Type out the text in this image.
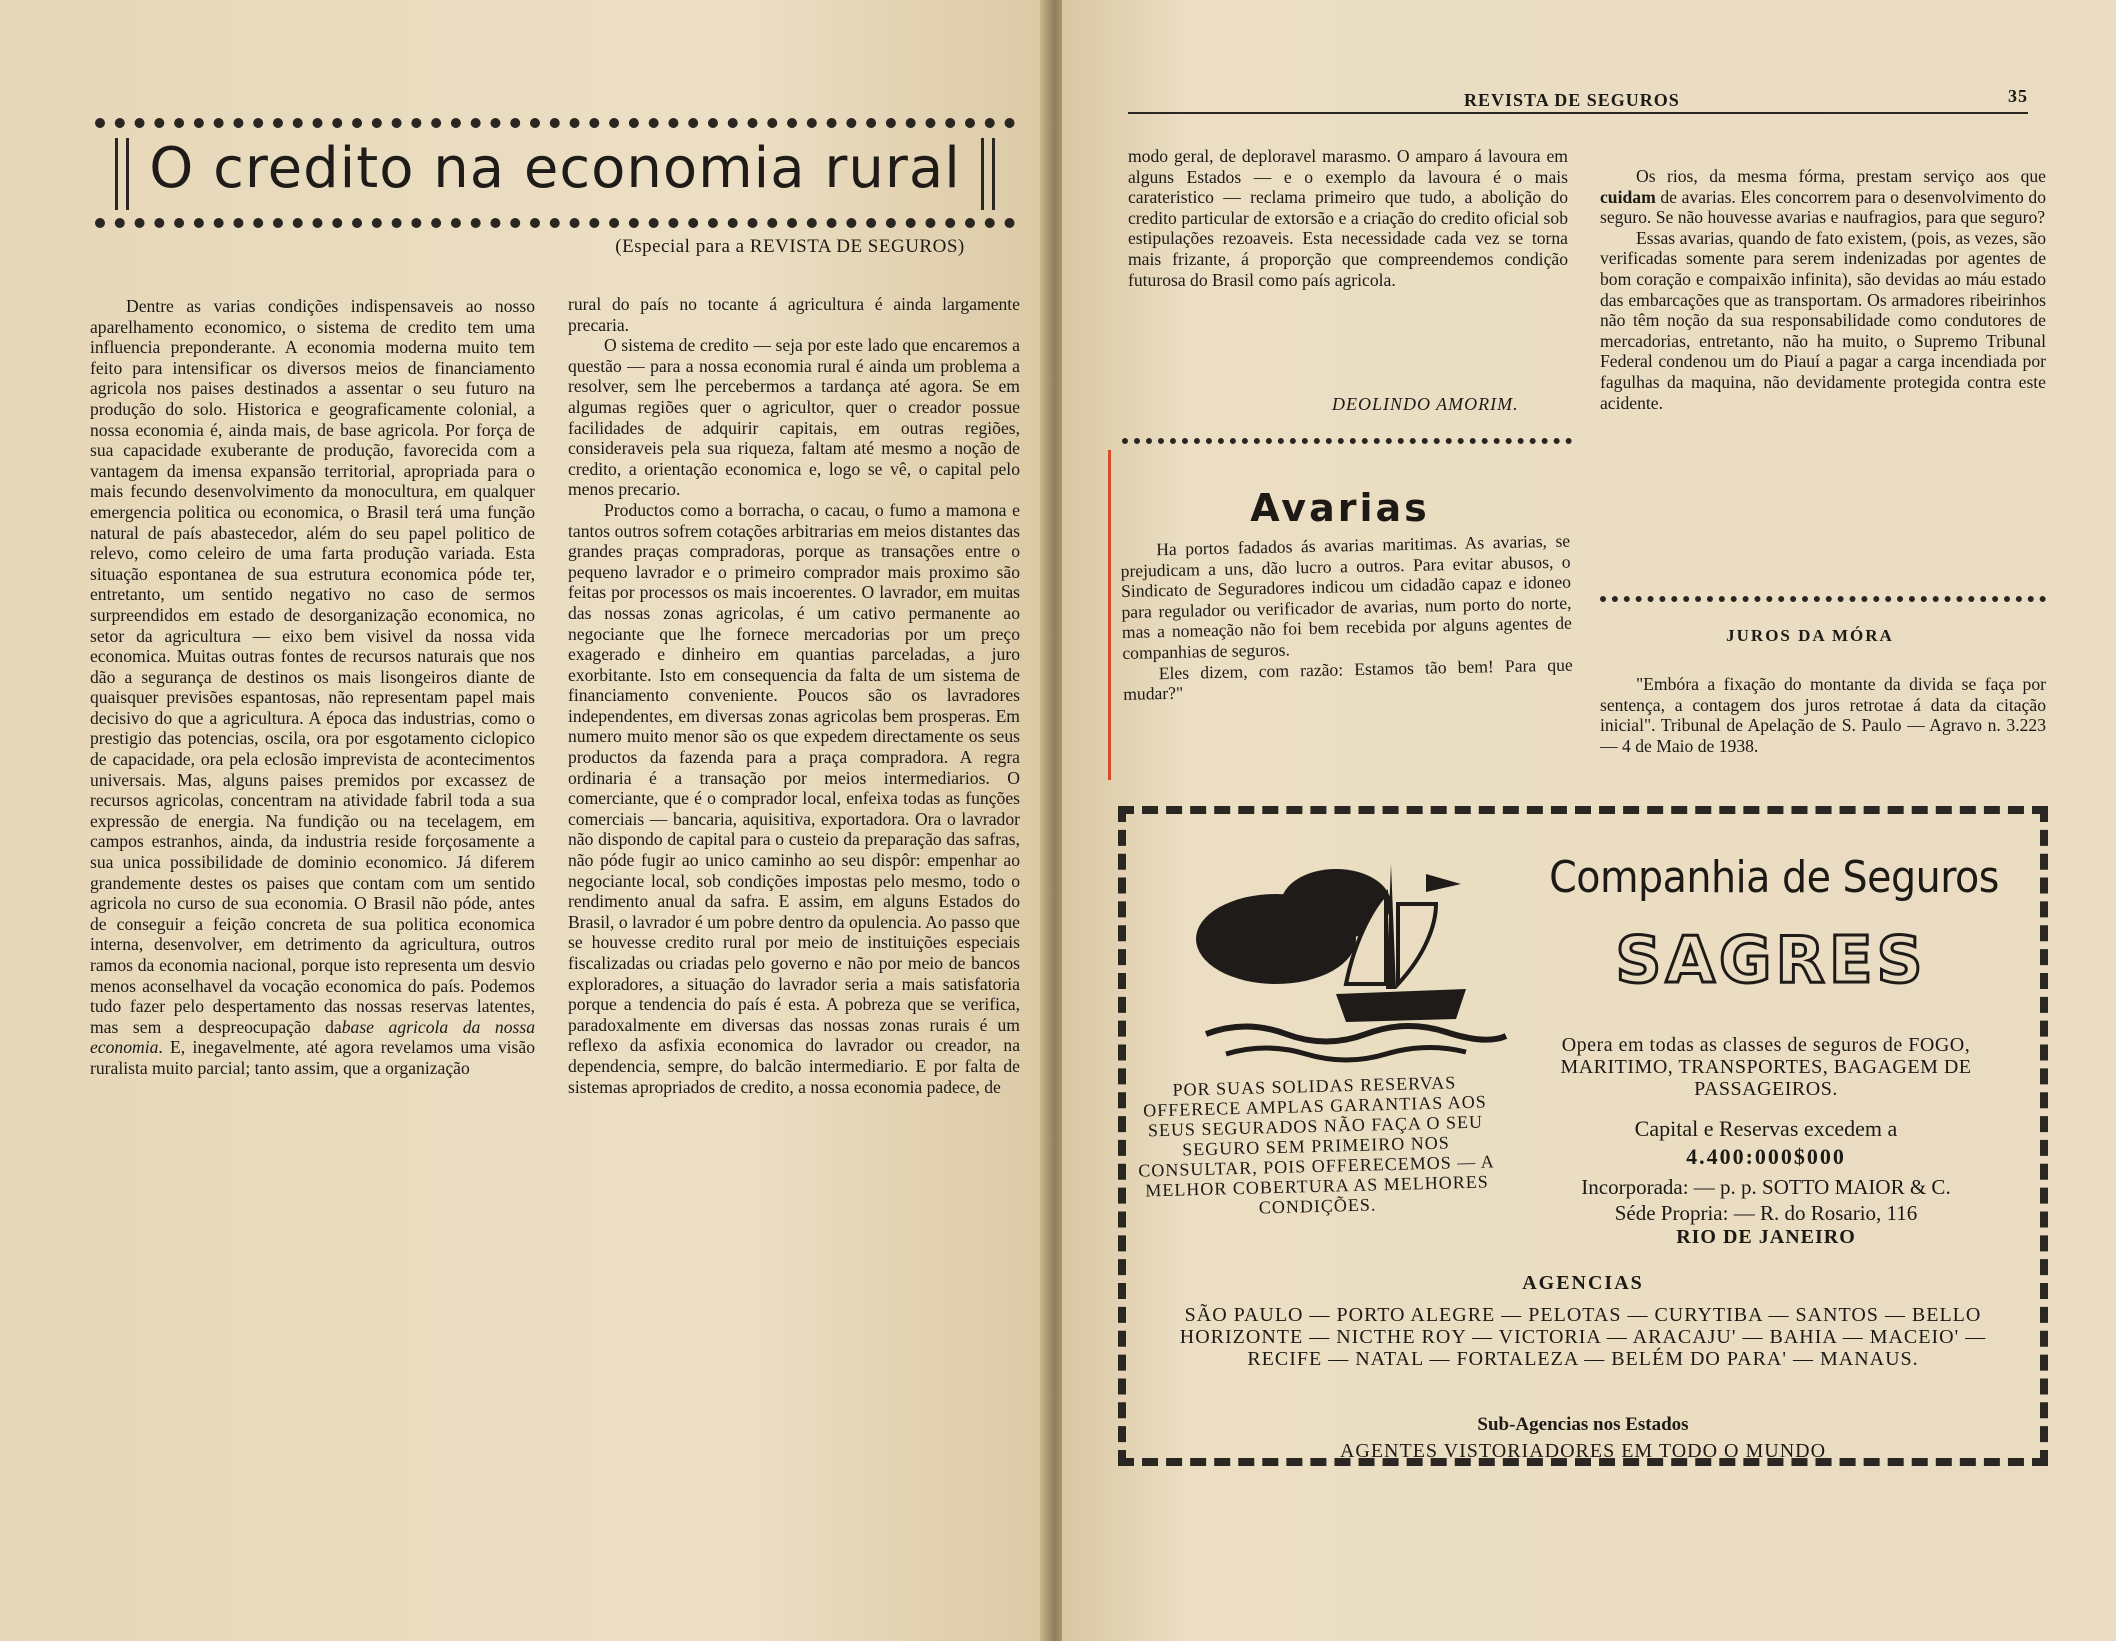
O credito na economia rural
(Especial para a REVISTA DE SEGUROS)

Dentre as varias condições indispensaveis ao nosso aparelhamento economico, o sistema de credito tem uma influencia preponderante. A economia moderna muito tem feito para intensificar os diversos meios de financiamento agricola nos paises destinados a assentar o seu futuro na produção do solo. Historica e geograficamente colonial, a nossa economia é, ainda mais, de base agricola. Por força de sua capacidade exuberante de produção, favorecida com a vantagem da imensa expansão territorial, apropriada para o mais fecundo desenvolvimento da monocultura, em qualquer emergencia politica ou economica, o Brasil terá uma função natural de país abastecedor, além do seu papel politico de relevo, como celeiro de uma farta produção variada. Esta situação espontanea de sua estrutura economica póde ter, entretanto, um sentido negativo no caso de sermos surpreendidos em estado de desorganização economica, no setor da agricultura — eixo bem visivel da nossa vida economica. Muitas outras fontes de recursos naturais que nos dão a segurança de destinos os mais lisongeiros diante de quaisquer previsões espantosas, não representam papel mais decisivo do que a agricultura. A época das industrias, como o prestigio das potencias, oscila, ora por esgotamento ciclopico de capacidade, ora pela eclosão imprevista de acontecimentos universais. Mas, alguns paises premidos por excassez de recursos agricolas, concentram na atividade fabril toda a sua expressão de energia. Na fundição ou na tecelagem, em campos estranhos, ainda, da industria reside forçosamente a sua unica possibilidade de dominio economico. Já diferem grandemente destes os paises que contam com um sentido agricola no curso de sua economia. O Brasil não póde, antes de conseguir a feição concreta de sua politica economica interna, desenvolver, em detrimento da agricultura, outros ramos da economia nacional, porque isto representa um desvio menos aconselhavel da vocação economica do país. Podemos tudo fazer pelo despertamento das nossas reservas latentes, mas sem a despreocupação dabase agricola da nossa economia. E, inegavelmente, até agora revelamos uma visão ruralista muito parcial; tanto assim, que a organização

rural do país no tocante á agricultura é ainda largamente precaria.

O sistema de credito — seja por este lado que encaremos a questão — para a nossa economia rural é ainda um problema a resolver, sem lhe percebermos a tardança até agora. Se em algumas regiões quer o agricultor, quer o creador possue facilidades de adquirir capitais, em outras regiões, consideraveis pela sua riqueza, faltam até mesmo a noção de credito, a orientação economica e, logo se vê, o capital pelo menos precario.

Productos como a borracha, o cacau, o fumo a mamona e tantos outros sofrem cotações arbitrarias em meios distantes das grandes praças compradoras, porque as transações entre o pequeno lavrador e o primeiro comprador mais proximo são feitas por processos os mais incoerentes. O lavrador, em muitas das nossas zonas agricolas, é um cativo permanente ao negociante que lhe fornece mercadorias por um preço exagerado e dinheiro em quantias parceladas, a juro exorbitante. Isto em consequencia da falta de um sistema de financiamento conveniente. Poucos são os lavradores independentes, em diversas zonas agricolas bem prosperas. Em numero muito menor são os que expedem directamente os seus productos da fazenda para a praça compradora. A regra ordinaria é a transação por meios intermediarios. O comerciante, que é o comprador local, enfeixa todas as funções comerciais — bancaria, aquisitiva, exportadora. Ora o lavrador não dispondo de capital para o custeio da preparação das safras, não póde fugir ao unico caminho ao seu dispôr: empenhar ao negociante local, sob condições impostas pelo mesmo, todo o rendimento anual da safra. E assim, em alguns Estados do Brasil, o lavrador é um pobre dentro da opulencia. Ao passo que se houvesse credito rural por meio de instituições especiais fiscalizadas ou criadas pelo governo e não por meio de bancos exploradores, a situação do lavrador seria a mais satisfatoria porque a tendencia do país é esta. A pobreza que se verifica, paradoxalmente em diversas das nossas zonas rurais é um reflexo da asfixia economica do lavrador ou creador, na dependencia, sempre, do balcão intermediario. E por falta de sistemas apropriados de credito, a nossa economia padece, de

REVISTA DE SEGUROS	35

modo geral, de deploravel marasmo. O amparo á lavoura em alguns Estados — e o exemplo da lavoura é o mais carateristico — reclama primeiro que tudo, a abolição do credito particular de extorsão e a criação do credito oficial sob estipulações rezoaveis. Esta necessidade cada vez se torna mais frizante, á proporção que compreendemos condição futurosa do Brasil como país agricola.

DEOLINDO AMORIM.
Avarias

Ha portos fadados ás avarias maritimas. As avarias, se prejudicam a uns, dão lucro a outros. Para evitar abusos, o Sindicato de Seguradores indicou um cidadão capaz e idoneo para regulador ou verificador de avarias, num porto do norte, mas a nomeação não foi bem recebida por alguns agentes de companhias de seguros.

Eles dizem, com razão: Estamos tão bem! Para que mudar?"

Os rios, da mesma fórma, prestam serviço aos que cuidam de avarias. Eles concorrem para o desenvolvimento do seguro. Se não houvesse avarias e naufragios, para que seguro?

Essas avarias, quando de fato existem, (pois, as vezes, são verificadas somente para serem indenizadas por agentes de bom coração e compaixão infinita), são devidas ao máu estado das embarcações que as transportam. Os armadores ribeirinhos não têm noção da sua responsabilidade como condutores de mercadorias, entretanto, não ha muito, o Supremo Tribunal Federal condenou um do Piauí a pagar a carga incendiada por fagulhas da maquina, não devidamente protegida contra este acidente.

JUROS DA MÓRA

"Embóra a fixação do montante da divida se faça por sentença, a contagem dos juros retrotae á data da citação inicial". Tribunal de Apelação de S. Paulo — Agravo n. 3.223 — 4 de Maio de 1938.

Companhia de Seguros
SAGRES
Opera em todas as classes de seguros de FOGO, MARITIMO, TRANSPORTES, BAGAGEM DE PASSAGEIROS.
Capital e Reservas excedem a
4.400:000$000
Incorporada: — p. p. SOTTO MAIOR & C.
Séde Propria: — R. do Rosario, 116
RIO DE JANEIRO
POR SUAS SOLIDAS RESERVAS OFFERECE AMPLAS GARANTIAS AOS SEUS SEGURADOS NÃO FAÇA O SEU SEGURO SEM PRIMEIRO NOS CONSULTAR, POIS OFFERECEMOS — A MELHOR COBERTURA AS MELHORES CONDIÇÕES.
AGENCIAS
SÃO PAULO — PORTO ALEGRE — PELOTAS — CURYTIBA — SANTOS — BELLO HORIZONTE — NICTHE ROY — VICTORIA — ARACAJU' — BAHIA — MACEIO' — RECIFE — NATAL — FORTALEZA — BELÉM DO PARA' — MANAUS.
Sub-Agencias nos Estados
AGENTES VISTORIADORES EM TODO O MUNDO
